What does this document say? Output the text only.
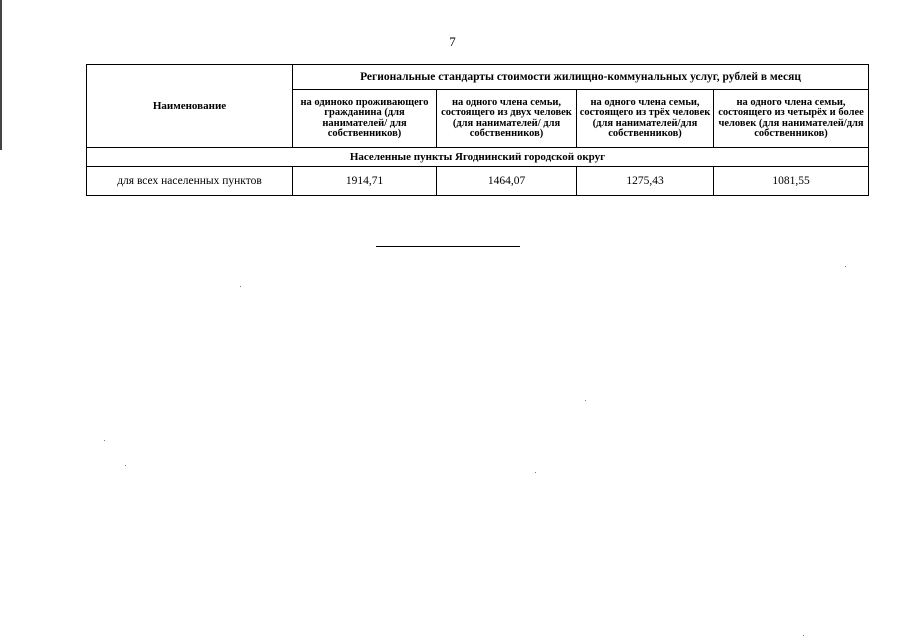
7
Наименование	Региональные стандарты стоимости жилищно-коммунальных услуг, рублей в месяц			
	на одиноко проживающего гражданина (для нанимателей/ для собственников)	на одного члена семьи, состоящего из двух человек (для нанимателей/ для собственников)	на одного члена семьи, состоящего из трёх человек (для нанимателей/для собственников)	на одного члена семьи, состоящего из четырёх и более человек (для нанимателей/для собственников)
Населенные пункты Ягоднинский городской округ				
для всех населенных пунктов	1914,71	1464,07	1275,43	1081,55
